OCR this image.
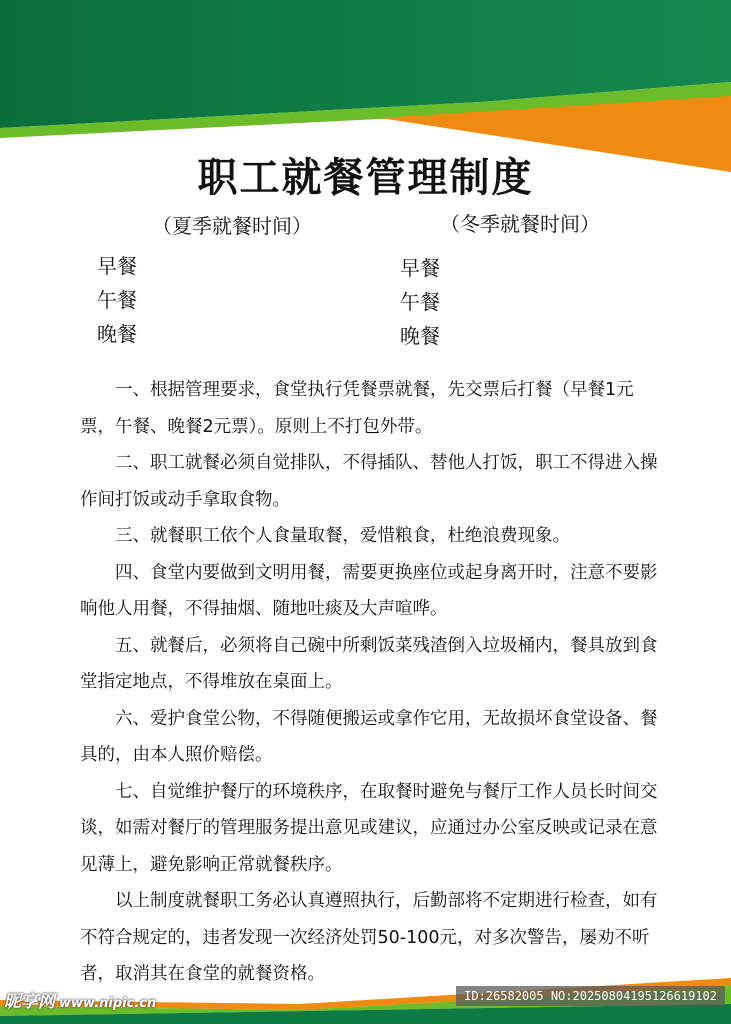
职工就餐管理制度
（夏季就餐时间）	（冬季就餐时间）
早餐
午餐
晚餐
早餐
午餐
晚餐

一、根据管理要求，食堂执行凭餐票就餐，先交票后打餐（早餐1元票，午餐、晚餐2元票）。原则上不打包外带。

二、职工就餐必须自觉排队，不得插队、替他人打饭，职工不得进入操作间打饭或动手拿取食物。

三、就餐职工依个人食量取餐，爱惜粮食，杜绝浪费现象。

四、食堂内要做到文明用餐，需要更换座位或起身离开时，注意不要影响他人用餐，不得抽烟、随地吐痰及大声喧哗。

五、就餐后，必须将自己碗中所剩饭菜残渣倒入垃圾桶内，餐具放到食堂指定地点，不得堆放在桌面上。

六、爱护食堂公物，不得随便搬运或拿作它用，无故损坏食堂设备、餐具的，由本人照价赔偿。

七、自觉维护餐厅的环境秩序，在取餐时避免与餐厅工作人员长时间交谈，如需对餐厅的管理服务提出意见或建议，应通过办公室反映或记录在意见薄上，避免影响正常就餐秩序。

以上制度就餐职工务必认真遵照执行，后勤部将不定期进行检查，如有不符合规定的，违者发现一次经济处罚50-100元，对多次警告，屡劝不听者，取消其在食堂的就餐资格。

昵享网 www.nipic.cn	ID:26582005 NO:20250804195126619102
